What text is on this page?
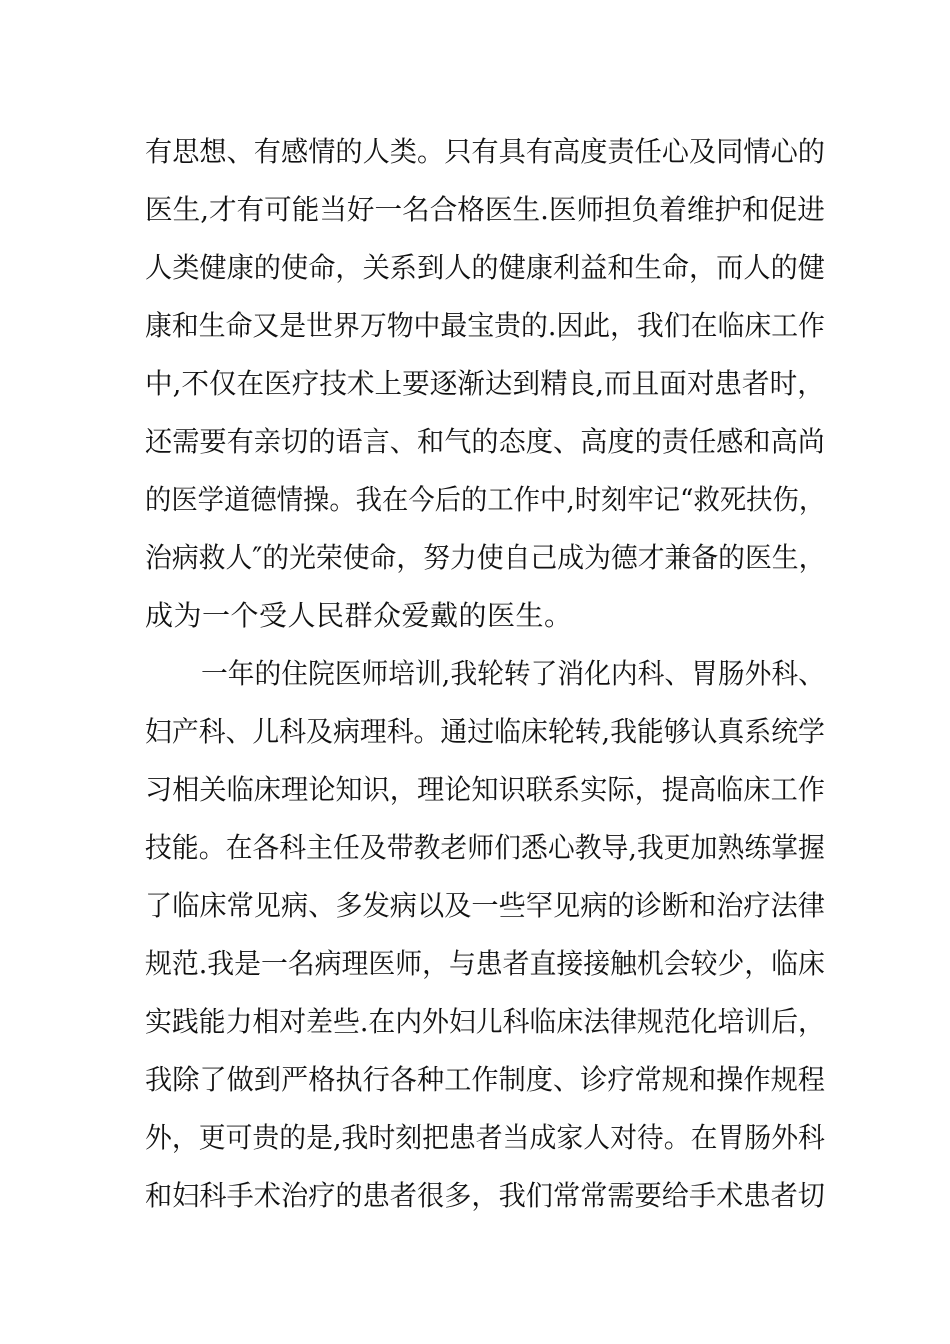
有思想、有感情的人类。只有具有高度责任心及同情心的

医生,才有可能当好一名合格医生.医师担负着维护和促进

人类健康的使命，关系到人的健康利益和生命，而人的健

康和生命又是世界万物中最宝贵的.因此，我们在临床工作

中,不仅在医疗技术上要逐渐达到精良,而且面对患者时，

还需要有亲切的语言、和气的态度、高度的责任感和高尚

的医学道德情操。我在今后的工作中,时刻牢记“救死扶伤，

治病救人″的光荣使命，努力使自己成为德才兼备的医生，

成为一个受人民群众爱戴的医生。

一年的住院医师培训,我轮转了消化内科、胃肠外科、

妇产科、儿科及病理科。通过临床轮转,我能够认真系统学

习相关临床理论知识，理论知识联系实际，提高临床工作

技能。在各科主任及带教老师们悉心教导,我更加熟练掌握

了临床常见病、多发病以及一些罕见病的诊断和治疗法律

规范.我是一名病理医师，与患者直接接触机会较少，临床

实践能力相对差些.在内外妇儿科临床法律规范化培训后，

我除了做到严格执行各种工作制度、诊疗常规和操作规程

外，更可贵的是,我时刻把患者当成家人对待。在胃肠外科

和妇科手术治疗的患者很多，我们常常需要给手术患者切
